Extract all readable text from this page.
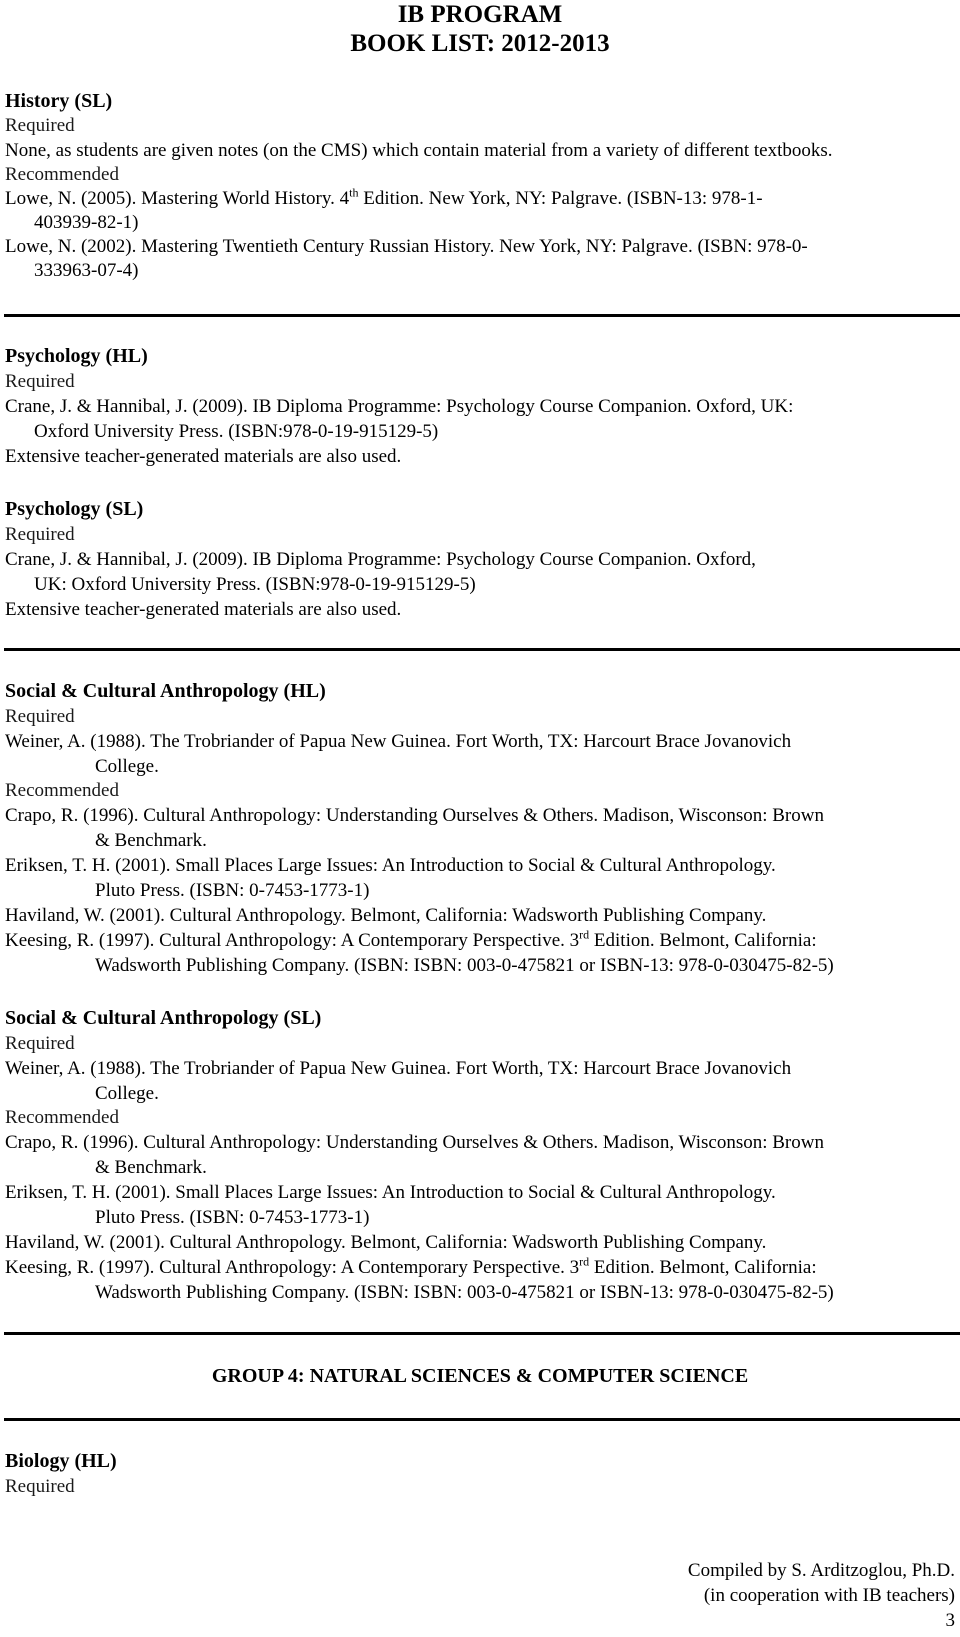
IB PROGRAM
BOOK LIST: 2012-2013
History (SL)
Required
None, as students are given notes (on the CMS) which contain material from a variety of different textbooks.
Recommended
Lowe, N. (2005). Mastering World History. 4th Edition. New York, NY: Palgrave. (ISBN-13: 978-1-
403939-82-1)
Lowe, N. (2002). Mastering Twentieth Century Russian History. New York, NY: Palgrave. (ISBN: 978-0-
333963-07-4)
Psychology (HL)
Required
Crane, J. & Hannibal, J. (2009). IB Diploma Programme: Psychology Course Companion. Oxford, UK:
Oxford University Press. (ISBN:978-0-19-915129-5)
Extensive teacher-generated materials are also used.
Psychology (SL)
Required
Crane, J. & Hannibal, J. (2009). IB Diploma Programme: Psychology Course Companion. Oxford,
UK: Oxford University Press. (ISBN:978-0-19-915129-5)
Extensive teacher-generated materials are also used.
Social & Cultural Anthropology (HL)
Required
Weiner, A. (1988). The Trobriander of Papua New Guinea. Fort Worth, TX: Harcourt Brace Jovanovich
College.
Recommended
Crapo, R. (1996). Cultural Anthropology: Understanding Ourselves & Others. Madison, Wisconson: Brown
& Benchmark.
Eriksen, T. H. (2001). Small Places Large Issues: An Introduction to Social & Cultural Anthropology.
Pluto Press. (ISBN: 0-7453-1773-1)
Haviland, W. (2001). Cultural Anthropology. Belmont, California: Wadsworth Publishing Company.
Keesing, R. (1997). Cultural Anthropology: A Contemporary Perspective. 3rd Edition. Belmont, California:
Wadsworth Publishing Company. (ISBN: ISBN: 003-0-475821 or ISBN-13: 978-0-030475-82-5)
Social & Cultural Anthropology (SL)
Required
Weiner, A. (1988). The Trobriander of Papua New Guinea. Fort Worth, TX: Harcourt Brace Jovanovich
College.
Recommended
Crapo, R. (1996). Cultural Anthropology: Understanding Ourselves & Others. Madison, Wisconson: Brown
& Benchmark.
Eriksen, T. H. (2001). Small Places Large Issues: An Introduction to Social & Cultural Anthropology.
Pluto Press. (ISBN: 0-7453-1773-1)
Haviland, W. (2001). Cultural Anthropology. Belmont, California: Wadsworth Publishing Company.
Keesing, R. (1997). Cultural Anthropology: A Contemporary Perspective. 3rd Edition. Belmont, California:
Wadsworth Publishing Company. (ISBN: ISBN: 003-0-475821 or ISBN-13: 978-0-030475-82-5)
GROUP 4: NATURAL SCIENCES & COMPUTER SCIENCE
Biology (HL)
Required
Compiled by S. Arditzoglou, Ph.D.
(in cooperation with IB teachers)
3
